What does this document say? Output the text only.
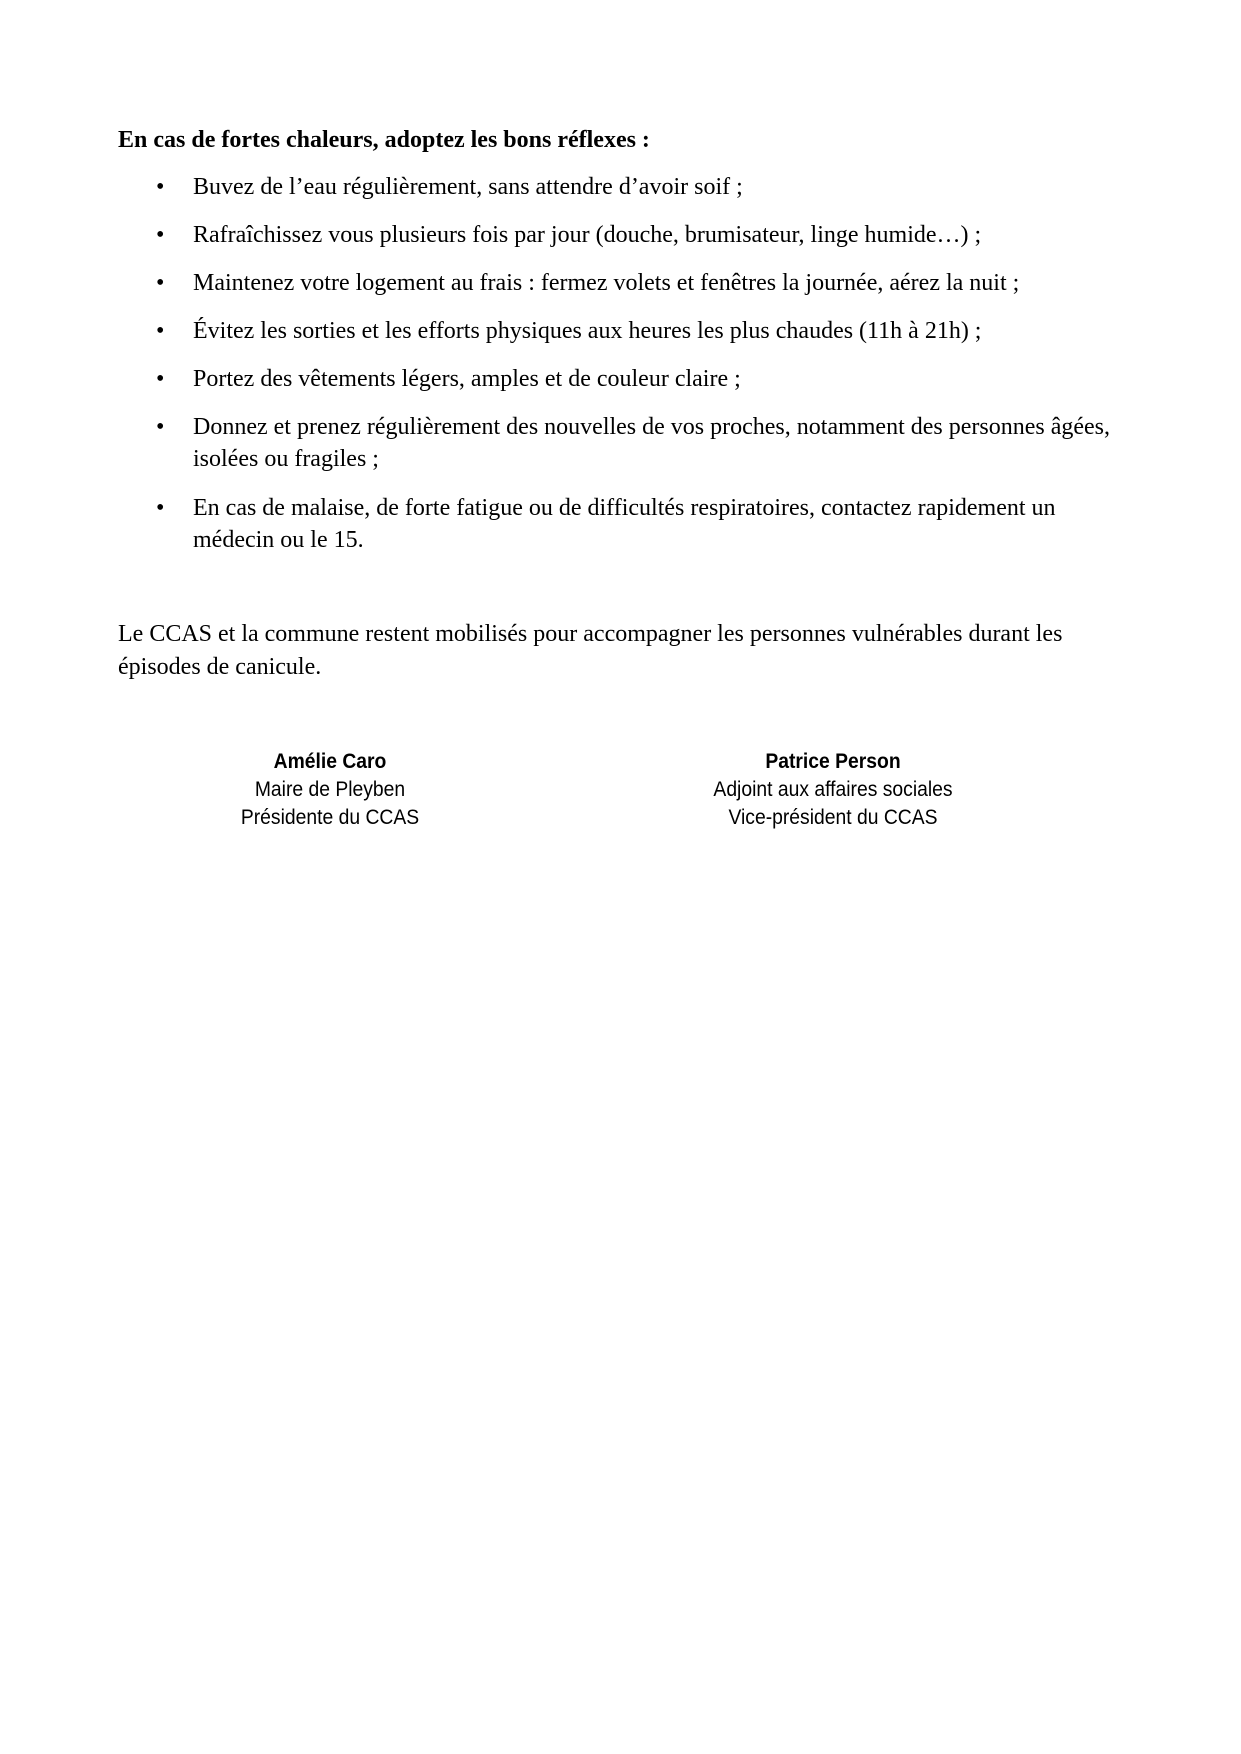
En cas de fortes chaleurs, adoptez les bons réflexes :
•	Buvez de l’eau régulièrement, sans attendre d’avoir soif ;
•	Rafraîchissez vous plusieurs fois par jour (douche, brumisateur, linge humide…) ;
•	Maintenez votre logement au frais : fermez volets et fenêtres la journée, aérez la nuit ;
•	Évitez les sorties et les efforts physiques aux heures les plus chaudes (11h à 21h) ;
•	Portez des vêtements légers, amples et de couleur claire ;
•	Donnez et prenez régulièrement des nouvelles de vos proches, notamment des personnes âgées, isolées ou fragiles ;
•	En cas de malaise, de forte fatigue ou de difficultés respiratoires, contactez rapidement un médecin ou le 15.
Le CCAS et la commune restent mobilisés pour accompagner les personnes vulnérables durant les épisodes de canicule.
Amélie Caro
Maire de Pleyben
Présidente du CCAS
Patrice Person
Adjoint aux affaires sociales
Vice-président du CCAS
